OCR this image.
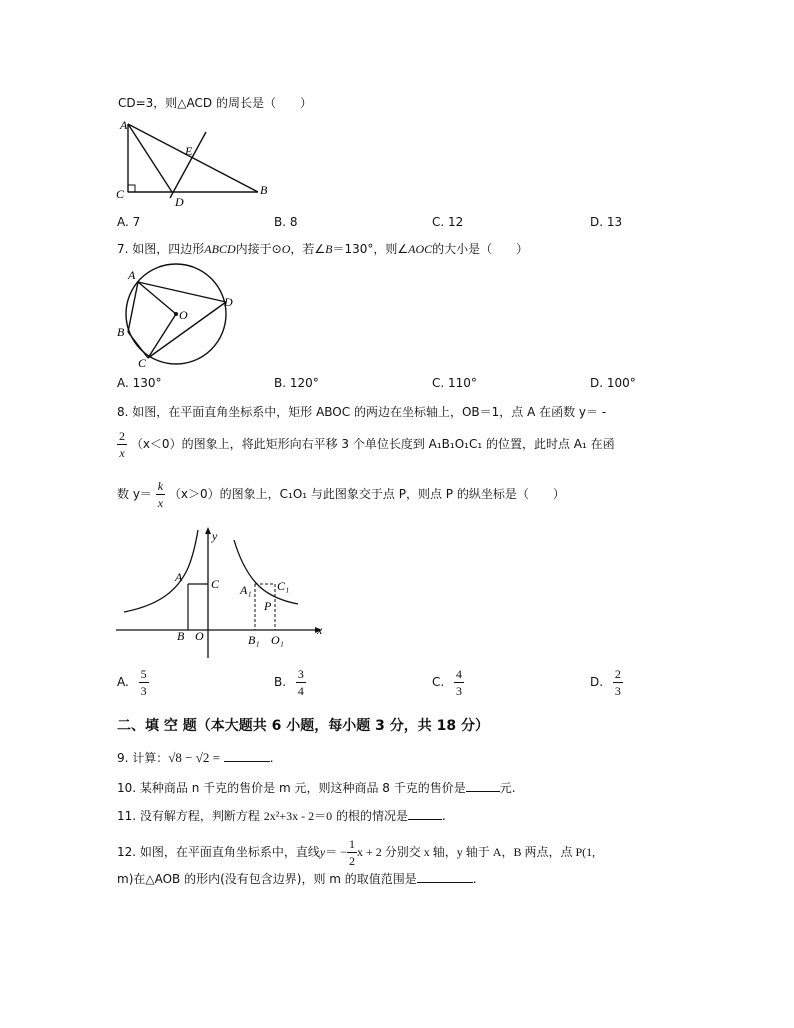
CD=3，则△ACD 的周长是（　　）
A
C	B
D
E
A. 7	B. 8	C. 12	D. 13
7. 如图，四边形ABCD内接于⊙O，若∠B＝130°，则∠AOC的大小是（　　）
A
B
C
D
O
A. 130°	B. 120°	C. 110°	D. 100°
8. 如图，在平面直角坐标系中，矩形 ABOC 的两边在坐标轴上，OB＝1，点 A 在函数 y＝ -
$\frac{2}{x} (x<0)$的图象上，将此矩形向右平移 3 个单位长度到 A₁B₁O₁C₁ 的位置，此时点 A₁ 在函
数 $y= \frac{k}{x} (x>0)$的图象上，C₁O₁ 与此图象交于点 P，则点 P 的纵坐标是（　　）
y
x
A C
B O
A₁ C₁
P
B₁ O₁
A. $\frac{5}{3}$	B. $\frac{3}{4}$	C. $\frac{4}{3}$	D. $\frac{2}{3}$
二、填 空 题（本大题共 6 小题，每小题 3 分，共 18 分）
9. 计算：√8 − √2 =	.
10. 某种商品 n 千克的售价是 m 元，则这种商品 8 千克的售价是	元.
11. 没有解方程，判断方程 2x²+3x - 2＝0 的根的情况是	.
12. 如图，在平面直角坐标系中，直线$y= - \frac{1}{2}$ x + 2 分别交 x 轴，y 轴于 A，B 两点，点 P(1,
m)在△AOB 的形内(没有包含边界)，则 m 的取值范围是	.
